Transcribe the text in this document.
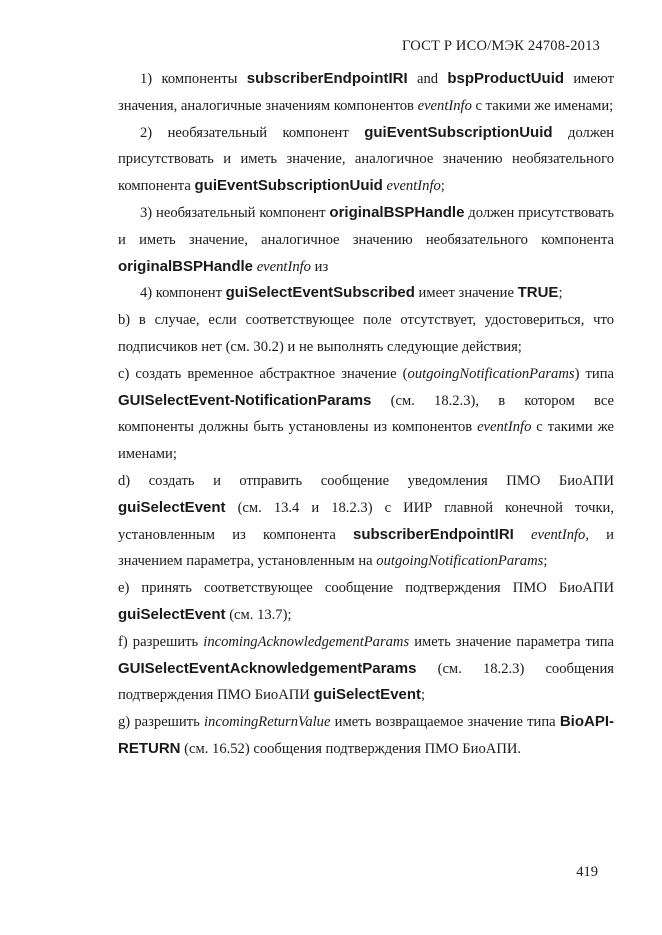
ГОСТ Р ИСО/МЭК 24708-2013

1) компоненты subscriberEndpointIRI and bspProductUuid имеют значения, аналогичные значениям компонентов eventInfo с такими же именами;

2) необязательный компонент guiEventSubscriptionUuid должен присутствовать и иметь значение, аналогичное значению необязательного компонента guiEventSubscriptionUuid eventInfo;

3) необязательный компонент originalBSPHandle должен присутствовать и иметь значение, аналогичное значению необязательного компонента originalBSPHandle eventInfo из

4) компонент guiSelectEventSubscribed имеет значение TRUE;

b) в случае, если соответствующее поле отсутствует, удостовериться, что подписчиков нет (см. 30.2) и не выполнять следующие действия;

c) создать временное абстрактное значение (outgoingNotificationParams) типа GUISelectEvent-NotificationParams (см. 18.2.3), в котором все компоненты должны быть установлены из компонентов eventInfo с такими же именами;

d) создать и отправить сообщение уведомления ПМО БиоАПИ guiSelectEvent (см. 13.4 и 18.2.3) с ИИР главной конечной точки, установленным из компонента subscriberEndpointIRI eventInfo, и значением параметра, установленным на outgoingNotificationParams;

e) принять соответствующее сообщение подтверждения ПМО БиоАПИ guiSelectEvent (см. 13.7);

f) разрешить incomingAcknowledgementParams иметь значение параметра типа GUISelectEventAcknowledgementParams (см. 18.2.3) сообщения подтверждения ПМО БиоАПИ guiSelectEvent;

g) разрешить incomingReturnValue иметь возвращаемое значение типа BioAPI-RETURN (см. 16.52) сообщения подтверждения ПМО БиоАПИ.

419
